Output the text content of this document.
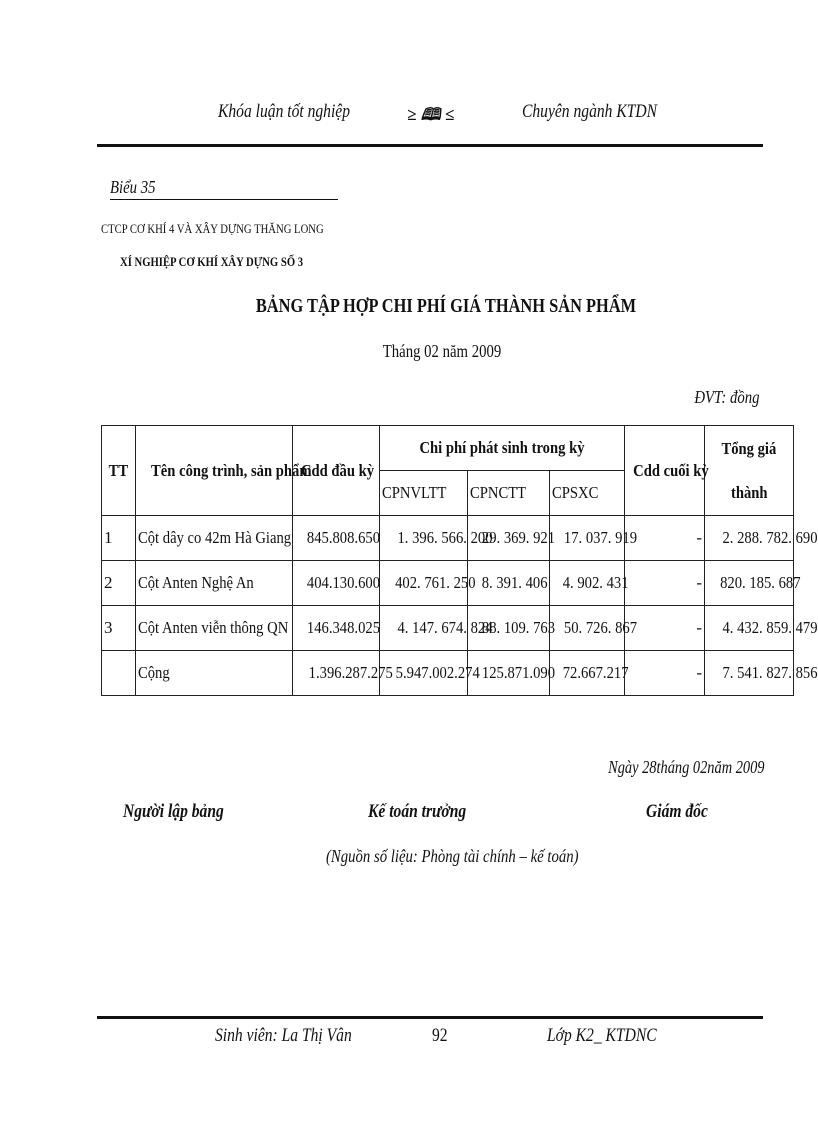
Khóa luận tốt nghiệp	≥ 🕮 ≤	Chuyên ngành KTDN
Biểu 35
CTCP CƠ KHÍ 4 VÀ XÂY DỰNG THĂNG LONG
XÍ NGHIỆP CƠ KHÍ XÂY DỰNG SỐ 3
BẢNG TẬP HỢP CHI PHÍ GIÁ THÀNH SẢN PHẨM
Tháng 02 năm 2009
ĐVT: đồng
TT	Tên công trình, sản phẩm	Cdd đầu kỳ	Chi phí phát sinh trong kỳ			Cdd cuối kỳ	Tổng giá
thành
			CPNVLTT	CPNCTT	CPSXC		
1	Cột dây co 42m Hà Giang	845.808.650	1. 396. 566. 200	29. 369. 921	17. 037. 919	-	2. 288. 782. 690
2	Cột Anten Nghệ An	404.130.600	402. 761. 250	8. 391. 406	4. 902. 431	-	820. 185. 687
3	Cột Anten viễn thông QN	146.348.025	4. 147. 674. 824	88. 109. 763	50. 726. 867	-	4. 432. 859. 479
	Cộng	1.396.287.275	5.947.002.274	125.871.090	72.667.217	-	7. 541. 827. 856
Ngày 28tháng 02năm 2009
Người lập bảng	Kế toán trưởng	Giám đốc
(Nguồn số liệu: Phòng tài chính – kế toán)
Sinh viên: La Thị Vân	92	Lớp K2_ KTDNC
